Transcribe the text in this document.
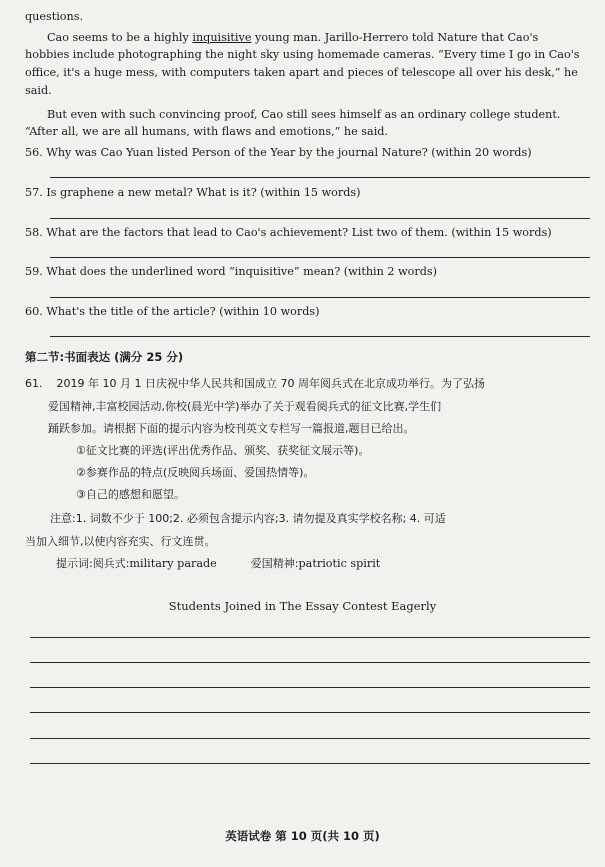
questions.
Cao seems to be a highly inquisitive young man. Jarillo-Herrero told Nature that Cao's
hobbies include photographing the night sky using homemade cameras. “Every time I go in Cao's
office, it's a huge mess, with computers taken apart and pieces of telescope all over his desk,” he
said.
But even with such convincing proof, Cao still sees himself as an ordinary college student.
“After all, we are all humans, with flaws and emotions,” he said.
56. Why was Cao Yuan listed Person of the Year by the journal Nature? (within 20 words)
57. Is graphene a new metal? What is it? (within 15 words)
58. What are the factors that lead to Cao's achievement? List two of them. (within 15 words)
59. What does the underlined word “inquisitive” mean? (within 2 words)
60. What's the title of the article? (within 10 words)
第二节:书面表达 (满分 25 分)
61. 2019 年 10 月 1 日庆祝中华人民共和国成立 70 周年阅兵式在北京成功举行。为了弘扬
爱国精神,丰富校园活动,你校(晨光中学)举办了关于观看阅兵式的征文比赛,学生们
踊跃参加。请根据下面的提示内容为校刊英文专栏写一篇报道,题目已给出。
①征文比赛的评选(评出优秀作品、颁奖、获奖征文展示等)。
②参赛作品的特点(反映阅兵场面、爱国热情等)。
③自己的感想和愿望。
注意:1. 词数不少于 100;2. 必须包含提示内容;3. 请勿提及真实学校名称; 4. 可适
当加入细节,以使内容充实、行文连贯。
提示词:阅兵式:military parade	爱国精神:patriotic spirit
Students Joined in The Essay Contest Eagerly
英语试卷 第 10 页(共 10 页)
